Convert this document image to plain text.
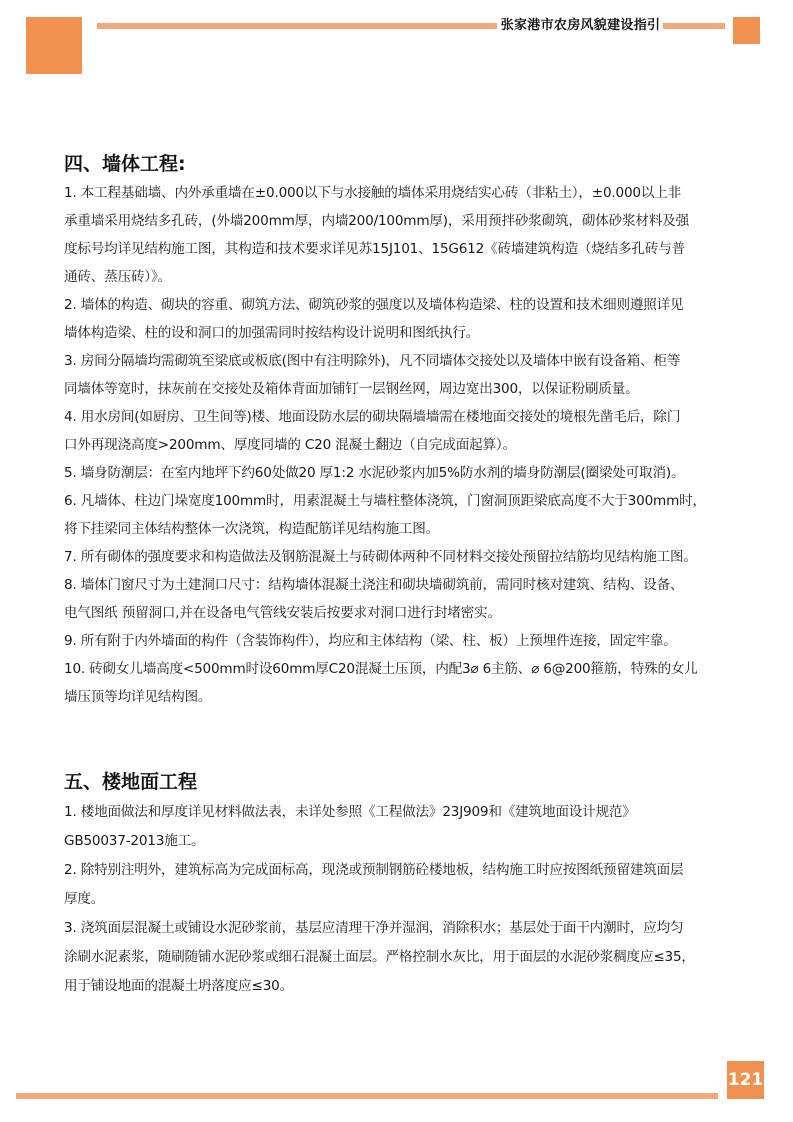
张家港市农房风貌建设指引
四、墙体工程:
1. 本工程基础墙、内外承重墙在±0.000以下与水接触的墙体采用烧结实心砖（非粘土），±0.000以上非
承重墙采用烧结多孔砖，(外墙200mm厚，内墙200/100mm厚)，采用预拌砂浆砌筑，砌体砂浆材料及强
度标号均详见结构施工图，其构造和技术要求详见苏15J101、15G612《砖墙建筑构造（烧结多孔砖与普
通砖、蒸压砖）》。
2. 墙体的构造、砌块的容重、砌筑方法、砌筑砂浆的强度以及墙体构造梁、柱的设置和技术细则遵照详见
墙体构造梁、柱的设和洞口的加强需同时按结构设计说明和图纸执行。
3. 房间分隔墙均需砌筑至梁底或板底(图中有注明除外)，凡不同墙体交接处以及墙体中嵌有设备箱、柜等
同墙体等宽时，抹灰前在交接处及箱体背面加铺钉一层钢丝网，周边宽出300，以保证粉刷质量。
4. 用水房间(如厨房、卫生间等)楼、地面设防水层的砌块隔墙墙需在楼地面交接处的境根先凿毛后，除门
口外再现浇高度>200mm、厚度同墙的 C20 混凝土翻边（自完成面起算）。
5. 墙身防潮层：在室内地坪下约60处做20 厚1:2 水泥砂浆内加5%防水剂的墙身防潮层(圈梁处可取消)。
6. 凡墙体、柱边门垛宽度100mm时，用素混凝土与墙柱整体浇筑，门窗洞顶距梁底高度不大于300mm时，
将下挂梁同主体结构整体一次浇筑，构造配筋详见结构施工图。
7. 所有砌体的强度要求和构造做法及钢筋混凝土与砖砌体两种不同材料交接处预留拉结筋均见结构施工图。
8. 墙体门窗尺寸为土建洞口尺寸：结构墙体混凝土浇注和砌块墙砌筑前，需同时核对建筑、结构、设备、
电气图纸 预留洞口,并在设备电气管线安装后按要求对洞口进行封堵密实。
9. 所有附于内外墙面的构件（含装饰构件），均应和主体结构（梁、柱、板）上预埋件连接，固定牢靠。
10. 砖砌女儿墙高度<500mm时设60mm厚C20混凝土压顶，内配3⌀ 6主筋、⌀ 6@200箍筋，特殊的女儿
墙压顶等均详见结构图。
五、楼地面工程
1. 楼地面做法和厚度详见材料做法表，未详处参照《工程做法》23J909和《建筑地面设计规范》
GB50037-2013施工。
2. 除特别注明外，建筑标高为完成面标高，现浇或预制钢筋砼楼地板，结构施工时应按图纸预留建筑面层
厚度。
3. 浇筑面层混凝土或铺设水泥砂浆前，基层应清理干净并湿润，消除积水；基层处于面干内潮时，应均匀
涂刷水泥素浆，随刷随铺水泥砂浆或细石混凝土面层。严格控制水灰比，用于面层的水泥砂浆稠度应≤35，
用于铺设地面的混凝土坍落度应≤30。
121
